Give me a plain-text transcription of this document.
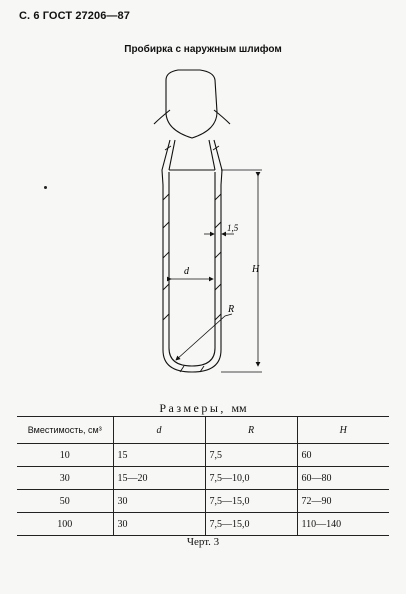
С. 6 ГОСТ 27206—87
Пробирка с наружным шлифом
1,5
d	H
R
Размеры, мм
Вместимость, см³	d	R	H
10	15	7,5	60
30	15—20	7,5—10,0	60—80
50	30	7,5—15,0	72—90
100	30	7,5—15,0	110—140
Черт. 3
